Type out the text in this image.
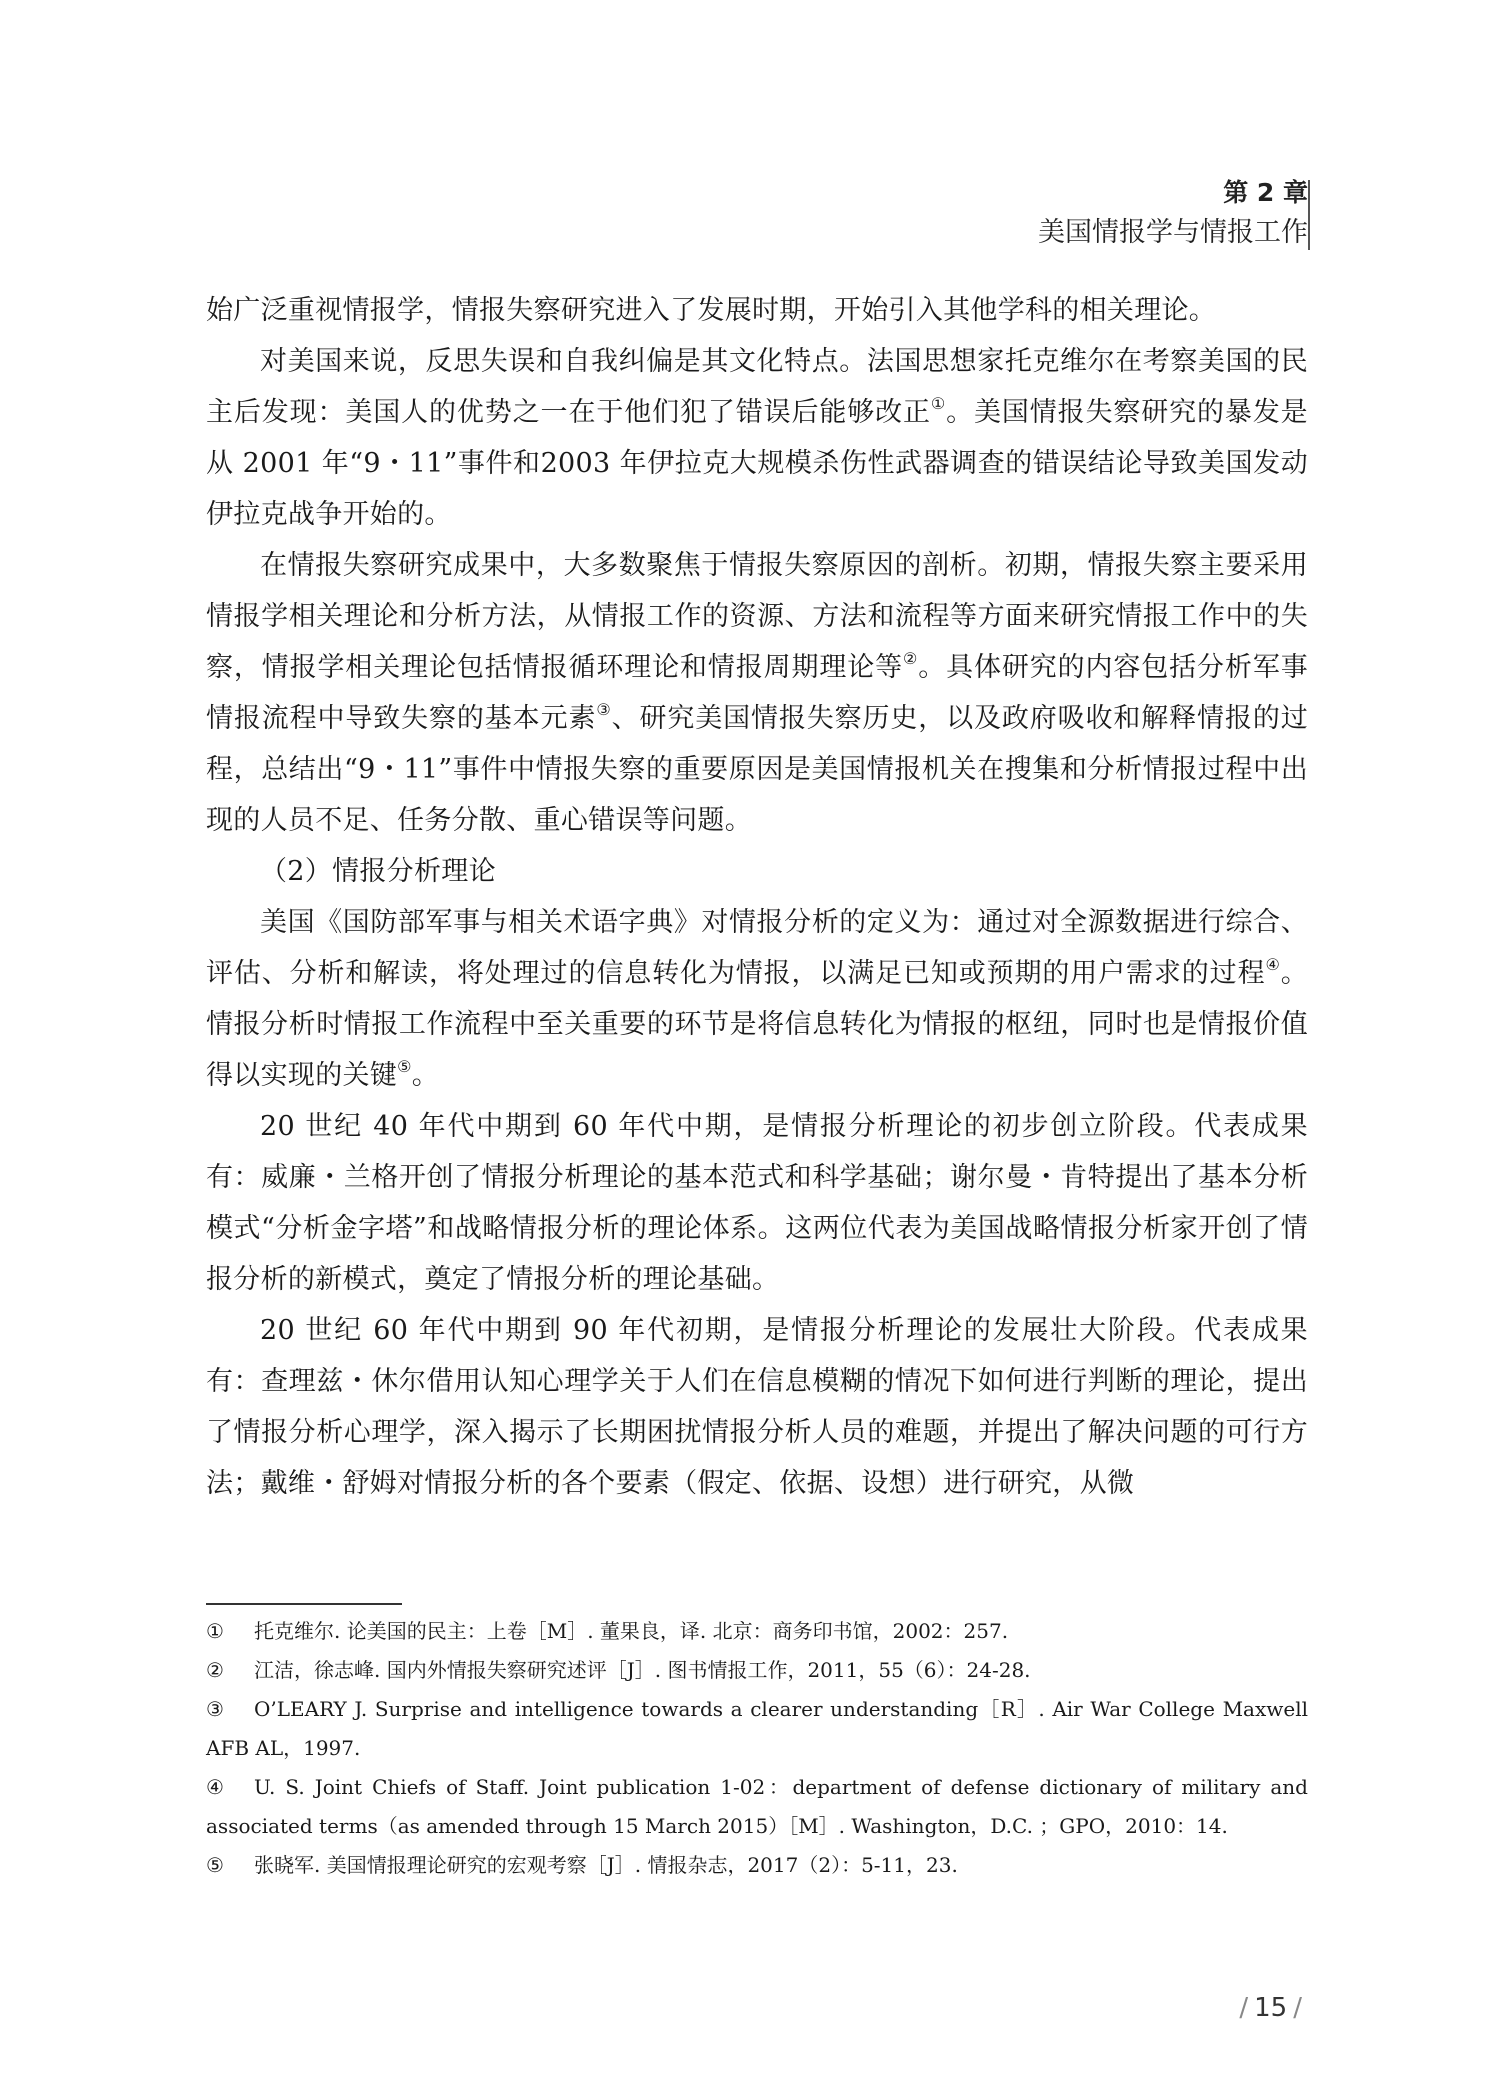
第 2 章
美国情报学与情报工作

始广泛重视情报学，情报失察研究进入了发展时期，开始引入其他学科的相关理论。

对美国来说，反思失误和自我纠偏是其文化特点。法国思想家托克维尔在考察美国的民主后发现：美国人的优势之一在于他们犯了错误后能够改正①。美国情报失察研究的暴发是从 2001 年“9・11”事件和2003 年伊拉克大规模杀伤性武器调查的错误结论导致美国发动伊拉克战争开始的。

在情报失察研究成果中，大多数聚焦于情报失察原因的剖析。初期，情报失察主要采用情报学相关理论和分析方法，从情报工作的资源、方法和流程等方面来研究情报工作中的失察，情报学相关理论包括情报循环理论和情报周期理论等②。具体研究的内容包括分析军事情报流程中导致失察的基本元素③、研究美国情报失察历史，以及政府吸收和解释情报的过程，总结出“9・11”事件中情报失察的重要原因是美国情报机关在搜集和分析情报过程中出现的人员不足、任务分散、重心错误等问题。

（2）情报分析理论

美国《国防部军事与相关术语字典》对情报分析的定义为：通过对全源数据进行综合、评估、分析和解读，将处理过的信息转化为情报，以满足已知或预期的用户需求的过程④。情报分析时情报工作流程中至关重要的环节是将信息转化为情报的枢纽，同时也是情报价值得以实现的关键⑤。

20 世纪 40 年代中期到 60 年代中期，是情报分析理论的初步创立阶段。代表成果有：威廉・兰格开创了情报分析理论的基本范式和科学基础；谢尔曼・肯特提出了基本分析模式“分析金字塔”和战略情报分析的理论体系。这两位代表为美国战略情报分析家开创了情报分析的新模式，奠定了情报分析的理论基础。

20 世纪 60 年代中期到 90 年代初期，是情报分析理论的发展壮大阶段。代表成果有：查理兹・休尔借用认知心理学关于人们在信息模糊的情况下如何进行判断的理论，提出了情报分析心理学，深入揭示了长期困扰情报分析人员的难题，并提出了解决问题的可行方法；戴维・舒姆对情报分析的各个要素（假定、依据、设想）进行研究，从微

① 托克维尔. 论美国的民主：上卷［M］. 董果良，译. 北京：商务印书馆，2002：257.

② 江洁，徐志峰. 国内外情报失察研究述评［J］. 图书情报工作，2011，55（6）：24-28.

③ O’LEARY J. Surprise and intelligence towards a clearer understanding［R］. Air War College Maxwell AFB AL，1997.

④ U. S. Joint Chiefs of Staff. Joint publication 1-02：department of defense dictionary of military and associated terms（as amended through 15 March 2015）［M］. Washington，D.C. ；GPO，2010：14.

⑤ 张晓军. 美国情报理论研究的宏观考察［J］. 情报杂志，2017（2）：5-11，23.

/ 15 /
